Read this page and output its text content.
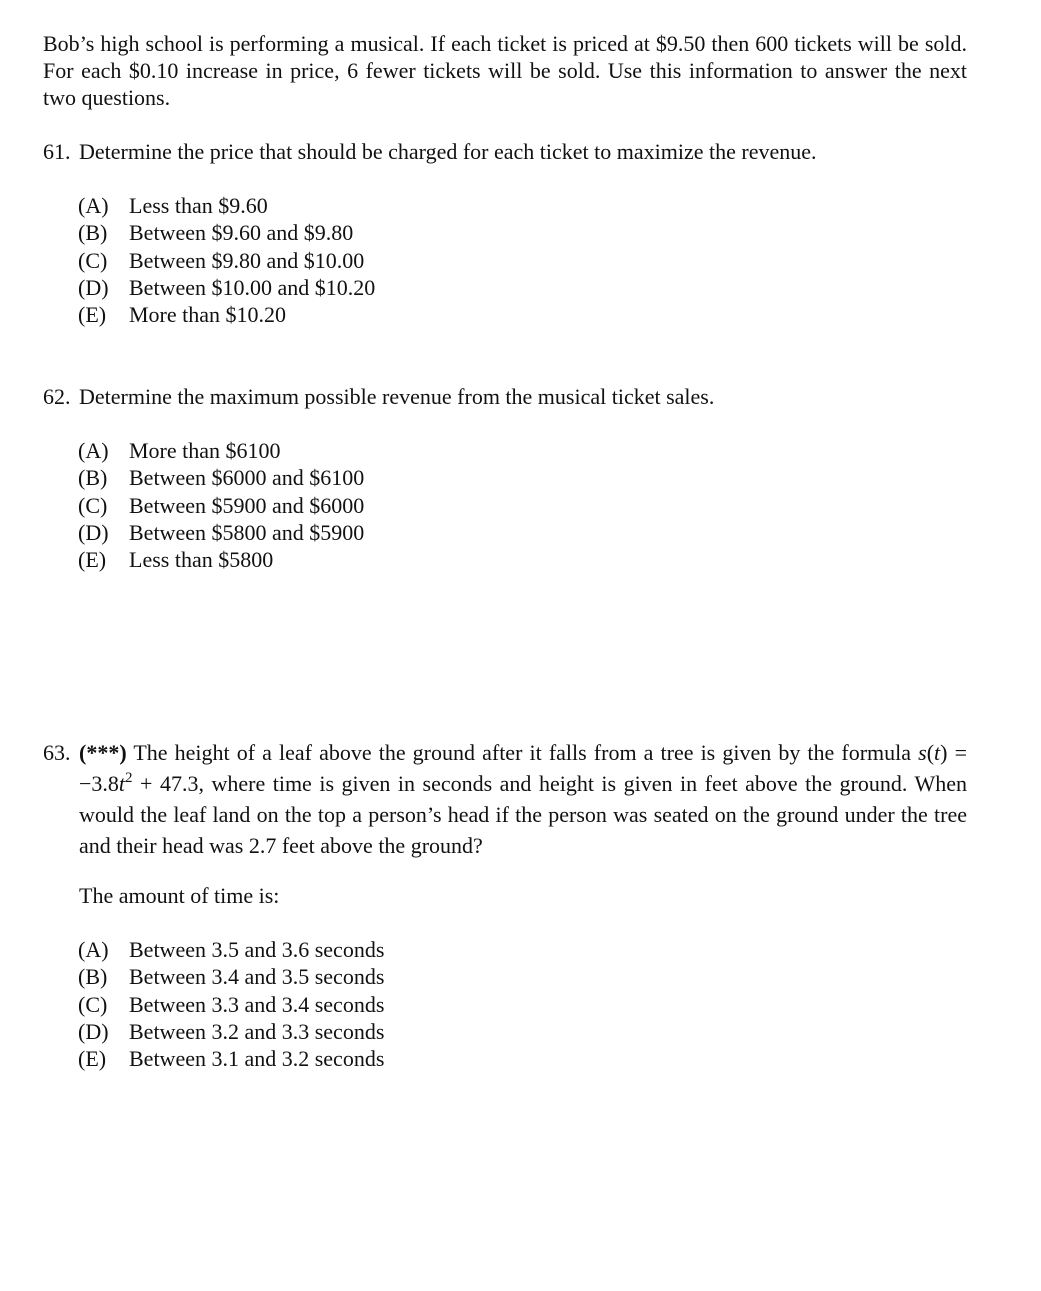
Bob’s high school is performing a musical. If each ticket is priced at $9.50 then 600 tickets will be sold. For each $0.10 increase in price, 6 fewer tickets will be sold. Use this information to answer the next two questions.
61. Determine the price that should be charged for each ticket to maximize the revenue.
(A) Less than $9.60
(B) Between $9.60 and $9.80
(C) Between $9.80 and $10.00
(D) Between $10.00 and $10.20
(E)	More than $10.20
62. Determine the maximum possible revenue from the musical ticket sales.
(A) More than $6100
(B) Between $6000 and $6100
(C) Between $5900 and $6000
(D) Between $5800 and $5900
(E)	Less than $5800
63. (***) The height of a leaf above the ground after it falls from a tree is given by the formula $s(t) = -3.8t^2 + 47.3$, where time is given in seconds and height is given in feet above the ground. When would the leaf land on the top a person’s head if the person was seated on the ground under the tree and their head was 2.7 feet above the ground?
The amount of time is:
(A) Between 3.5 and 3.6 seconds
(B) Between 3.4 and 3.5 seconds
(C) Between 3.3 and 3.4 seconds
(D) Between 3.2 and 3.3 seconds
(E)	Between 3.1 and 3.2 seconds
